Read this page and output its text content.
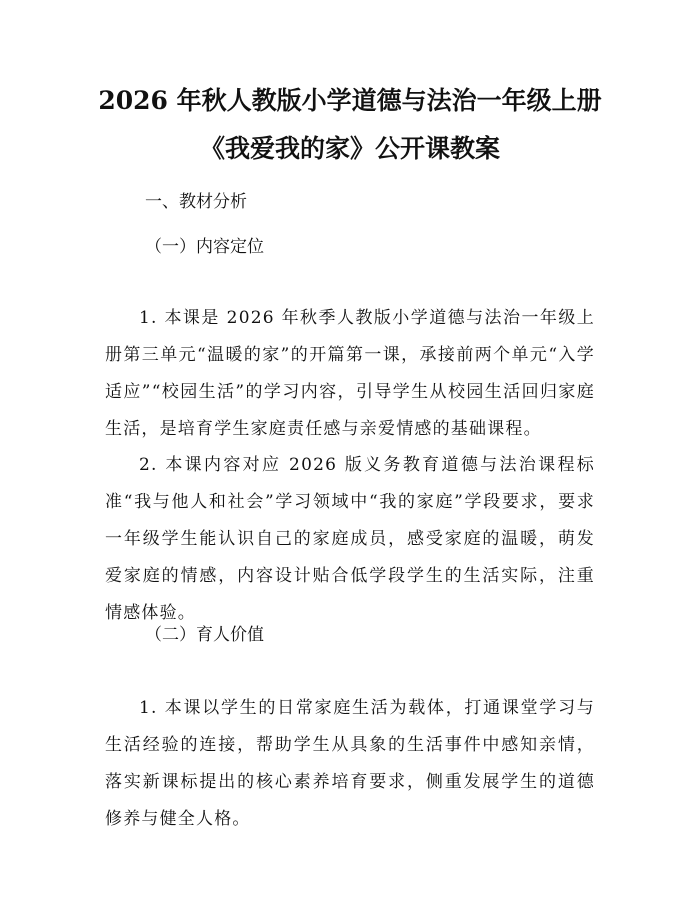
2026 年秋人教版小学道德与法治一年级上册
《我爱我的家》公开课教案
一、教材分析
（一）内容定位

1. 本课是 2026 年秋季人教版小学道德与法治一年级上册第三单元“温暖的家”的开篇第一课，承接前两个单元“入学适应”“校园生活”的学习内容，引导学生从校园生活回归家庭生活，是培育学生家庭责任感与亲爱情感的基础课程。

2. 本课内容对应 2026 版义务教育道德与法治课程标准“我与他人和社会”学习领域中“我的家庭”学段要求，要求一年级学生能认识自己的家庭成员，感受家庭的温暖，萌发爱家庭的情感，内容设计贴合低学段学生的生活实际，注重情感体验。

（二）育人价值

1. 本课以学生的日常家庭生活为载体，打通课堂学习与生活经验的连接，帮助学生从具象的生活事件中感知亲情，落实新课标提出的核心素养培育要求，侧重发展学生的道德修养与健全人格。
